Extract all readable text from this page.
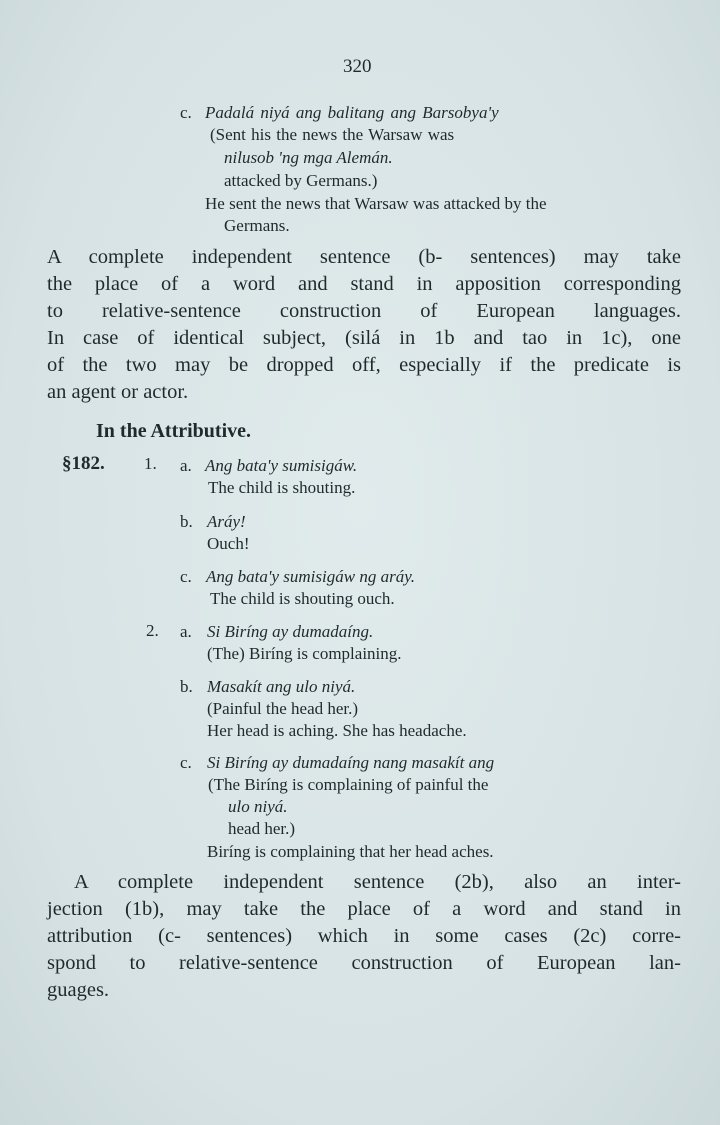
320
c. Padalá niyá ang balitang ang Barsobya'y
(Sent his the news the Warsaw was
nilusob 'ng mga Alemán.
attacked by Germans.)
He sent the news that Warsaw was attacked by the
Germans.
A complete independent sentence (b- sentences) may take
the place of a word and stand in apposition corresponding
to relative-sentence construction of European languages.
In case of identical subject, (silá in 1b and tao in 1c), one
of the two may be dropped off, especially if the predicate is
an agent or actor.
In the Attributive.
§182. 1. a. Ang bata'y sumisigáw.
The child is shouting.
b. Aráy!
Ouch!
c. Ang bata'y sumisigáw ng aráy.
The child is shouting ouch.
2. a. Si Biríng ay dumadaíng.
(The) Biríng is complaining.
b. Masakít ang ulo niyá.
(Painful the head her.)
Her head is aching. She has headache.
c. Si Biríng ay dumadaíng nang masakít ang
(The Biríng is complaining of painful the
ulo niyá.
head her.)
Biríng is complaining that her head aches.
A complete independent sentence (2b), also an inter-
jection (1b), may take the place of a word and stand in
attribution (c- sentences) which in some cases (2c) corre-
spond to relative-sentence construction of European lan-
guages.
